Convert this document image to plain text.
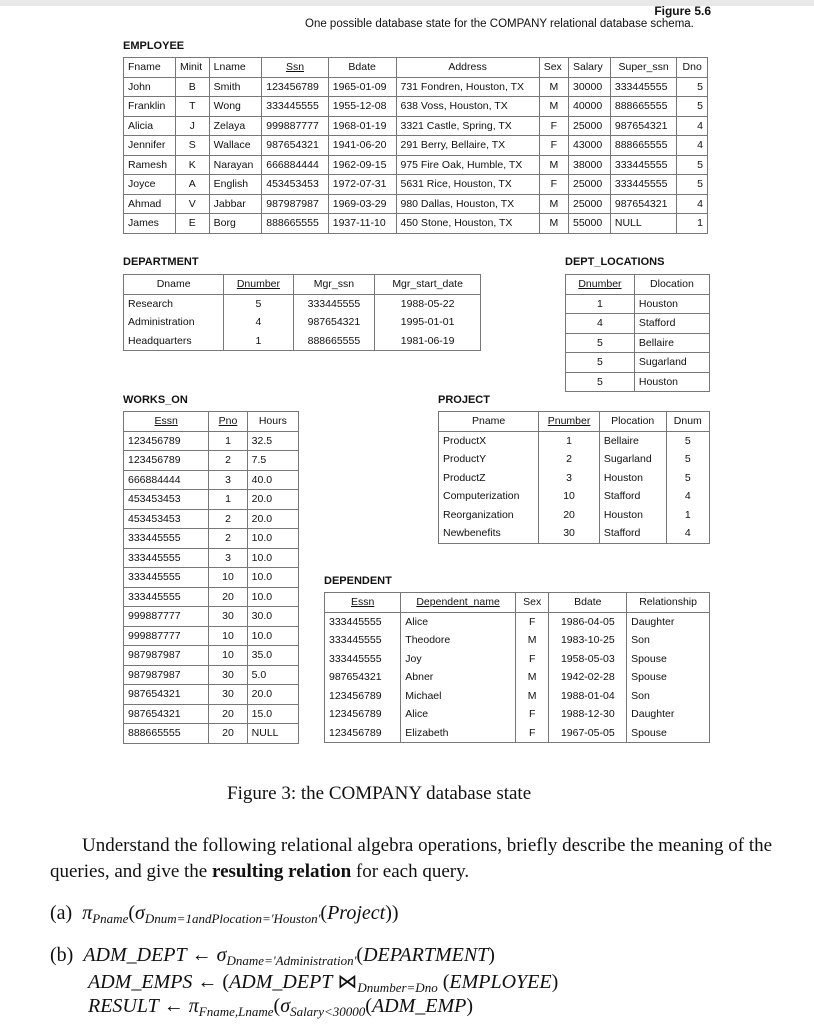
Figure 5.6
One possible database state for the COMPANY relational database schema.
EMPLOYEE
Fname	Minit	Lname	Ssn	Bdate	Address	Sex	Salary	Super_ssn	Dno
John	B	Smith	123456789	1965-01-09	731 Fondren, Houston, TX	M	30000	333445555	5
Franklin	T	Wong	333445555	1955-12-08	638 Voss, Houston, TX	M	40000	888665555	5
Alicia	J	Zelaya	999887777	1968-01-19	3321 Castle, Spring, TX	F	25000	987654321	4
Jennifer	S	Wallace	987654321	1941-06-20	291 Berry, Bellaire, TX	F	43000	888665555	4
Ramesh	K	Narayan	666884444	1962-09-15	975 Fire Oak, Humble, TX	M	38000	333445555	5
Joyce	A	English	453453453	1972-07-31	5631 Rice, Houston, TX	F	25000	333445555	5
Ahmad	V	Jabbar	987987987	1969-03-29	980 Dallas, Houston, TX	M	25000	987654321	4
James	E	Borg	888665555	1937-11-10	450 Stone, Houston, TX	M	55000	NULL	1
DEPARTMENT
Dname	Dnumber	Mgr_ssn	Mgr_start_date
Research	5	333445555	1988-05-22
Administration	4	987654321	1995-01-01
Headquarters	1	888665555	1981-06-19
DEPT_LOCATIONS
Dnumber	Dlocation
1	Houston
4	Stafford
5	Bellaire
5	Sugarland
5	Houston
WORKS_ON
Essn	Pno	Hours
123456789	1	32.5
123456789	2	7.5
666884444	3	40.0
453453453	1	20.0
453453453	2	20.0
333445555	2	10.0
333445555	3	10.0
333445555	10	10.0
333445555	20	10.0
999887777	30	30.0
999887777	10	10.0
987987987	10	35.0
987987987	30	5.0
987654321	30	20.0
987654321	20	15.0
888665555	20	NULL
PROJECT
Pname	Pnumber	Plocation	Dnum
ProductX	1	Bellaire	5
ProductY	2	Sugarland	5
ProductZ	3	Houston	5
Computerization	10	Stafford	4
Reorganization	20	Houston	1
Newbenefits	30	Stafford	4
DEPENDENT
Essn	Dependent_name	Sex	Bdate	Relationship
333445555	Alice	F	1986-04-05	Daughter
333445555	Theodore	M	1983-10-25	Son
333445555	Joy	F	1958-05-03	Spouse
987654321	Abner	M	1942-02-28	Spouse
123456789	Michael	M	1988-01-04	Son
123456789	Alice	F	1988-12-30	Daughter
123456789	Elizabeth	F	1967-05-05	Spouse
Figure 3: the COMPANY database state
Understand the following relational algebra operations, briefly describe the meaning of the queries, and give the resulting relation for each query.
(a) $\pi_{Pname}(\sigma_{Dnum=1andPlocation='Houston'}(Project))$
(b) ADM_DEPT ← $\sigma_{Dname='Administration'}(DEPARTMENT)$
ADM_EMPS ← (ADM_DEPT $⋈_{Dnumber=Dno}$ (EMPLOYEE)
RESULT ← $\pi_{Fname,Lname}(\sigma_{Salary<30000}(ADM\_EMP)$
